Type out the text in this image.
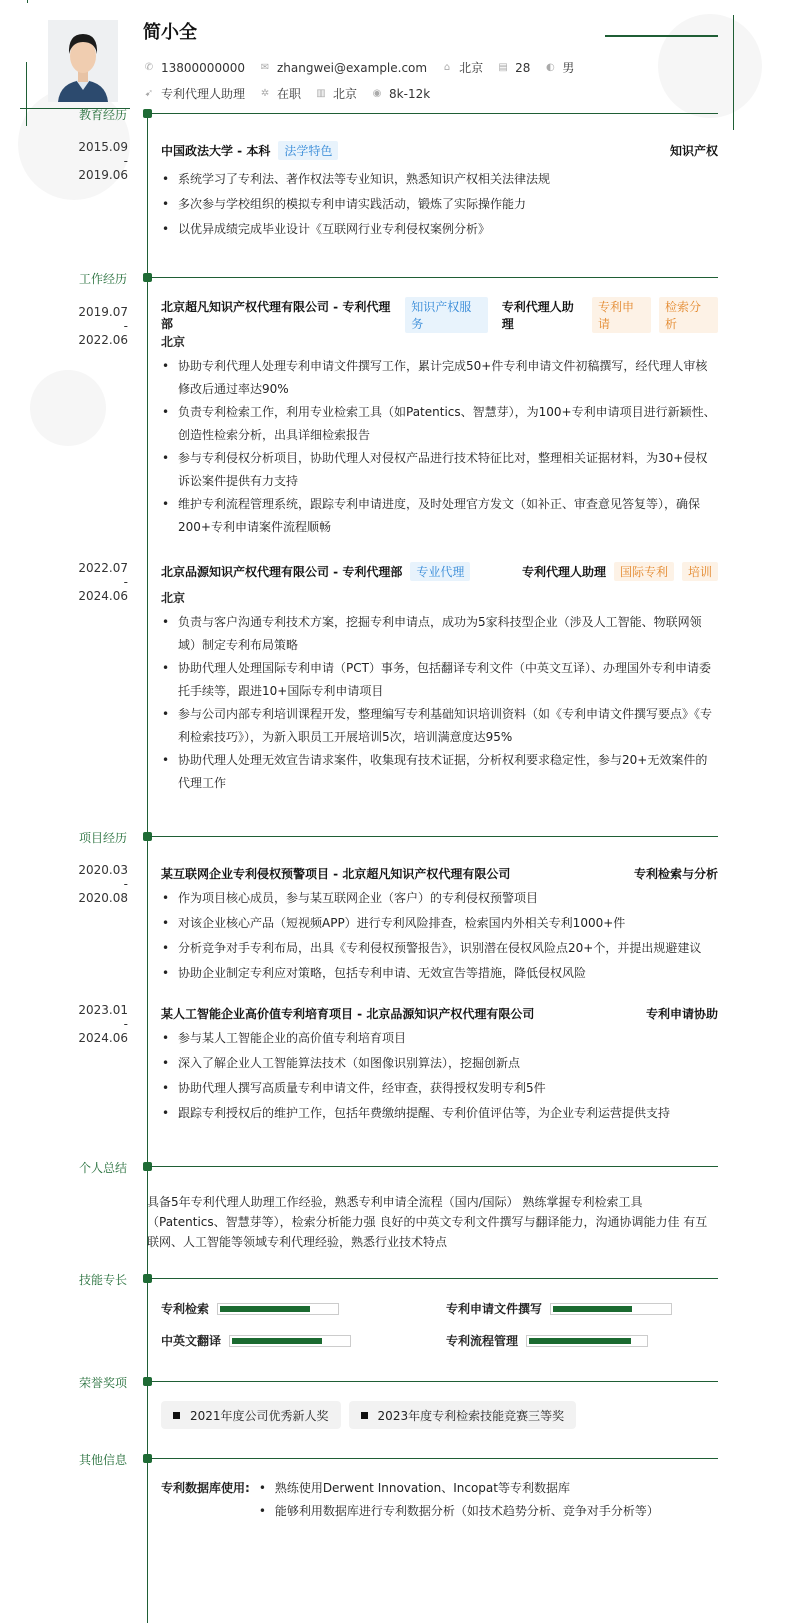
简小全
✆ 13800000000 ✉ zhangwei@example.com ⌂ 北京 ▤ 28 ◐ 男
➹ 专利代理人助理 ✲ 在职 ▥ 北京 ◉ 8k-12k
教育经历
2015.09
-
2019.06
中国政法大学 - 本科	法学特色	知识产权
• 系统学习了专利法、著作权法等专业知识，熟悉知识产权相关法律法规
• 多次参与学校组织的模拟专利申请实践活动，锻炼了实际操作能力
• 以优异成绩完成毕业设计《互联网行业专利侵权案例分析》
工作经历
2019.07
-
2022.06
北京超凡知识产权代理有限公司 - 专利代理部
知识产权服务
专利代理人助理
专利申请
检索分析
北京
• 协助专利代理人处理专利申请文件撰写工作，累计完成50+件专利申请文件初稿撰写，经代理人审核修改后通过率达90%
• 负责专利检索工作，利用专业检索工具（如Patentics、智慧芽），为100+专利申请项目进行新颖性、创造性检索分析，出具详细检索报告
• 参与专利侵权分析项目，协助代理人对侵权产品进行技术特征比对，整理相关证据材料，为30+侵权诉讼案件提供有力支持
• 维护专利流程管理系统，跟踪专利申请进度，及时处理官方发文（如补正、审查意见答复等），确保200+专利申请案件流程顺畅
2022.07
-
2024.06
北京品源知识产权代理有限公司 - 专利代理部	专业代理	专利代理人助理	国际专利	培训
北京
• 负责与客户沟通专利技术方案，挖掘专利申请点，成功为5家科技型企业（涉及人工智能、物联网领域）制定专利布局策略
• 协助代理人处理国际专利申请（PCT）事务，包括翻译专利文件（中英文互译）、办理国外专利申请委托手续等，跟进10+国际专利申请项目
• 参与公司内部专利培训课程开发，整理编写专利基础知识培训资料（如《专利申请文件撰写要点》《专利检索技巧》），为新入职员工开展培训5次，培训满意度达95%
• 协助代理人处理无效宣告请求案件，收集现有技术证据，分析权利要求稳定性，参与20+无效案件的代理工作
项目经历
2020.03
-
2020.08
某互联网企业专利侵权预警项目 - 北京超凡知识产权代理有限公司	专利检索与分析
• 作为项目核心成员，参与某互联网企业（客户）的专利侵权预警项目
• 对该企业核心产品（短视频APP）进行专利风险排查，检索国内外相关专利1000+件
• 分析竞争对手专利布局，出具《专利侵权预警报告》，识别潜在侵权风险点20+个，并提出规避建议
• 协助企业制定专利应对策略，包括专利申请、无效宣告等措施，降低侵权风险
2023.01
-
2024.06
某人工智能企业高价值专利培育项目 - 北京品源知识产权代理有限公司	专利申请协助
• 参与某人工智能企业的高价值专利培育项目
• 深入了解企业人工智能算法技术（如图像识别算法），挖掘创新点
• 协助代理人撰写高质量专利申请文件，经审查，获得授权发明专利5件
• 跟踪专利授权后的维护工作，包括年费缴纳提醒、专利价值评估等，为企业专利运营提供支持
个人总结
具备5年专利代理人助理工作经验，熟悉专利申请全流程（国内/国际） 熟练掌握专利检索工具（Patentics、智慧芽等），检索分析能力强 良好的中英文专利文件撰写与翻译能力，沟通协调能力佳 有互联网、人工智能等领域专利代理经验，熟悉行业技术特点
技能专长
专利检索	专利申请文件撰写
中英文翻译	专利流程管理
荣誉奖项
2021年度公司优秀新人奖	2023年度专利检索技能竞赛三等奖
其他信息
专利数据库使用:	• 熟练使用Derwent Innovation、Incopat等专利数据库
• 能够利用数据库进行专利数据分析（如技术趋势分析、竞争对手分析等）
